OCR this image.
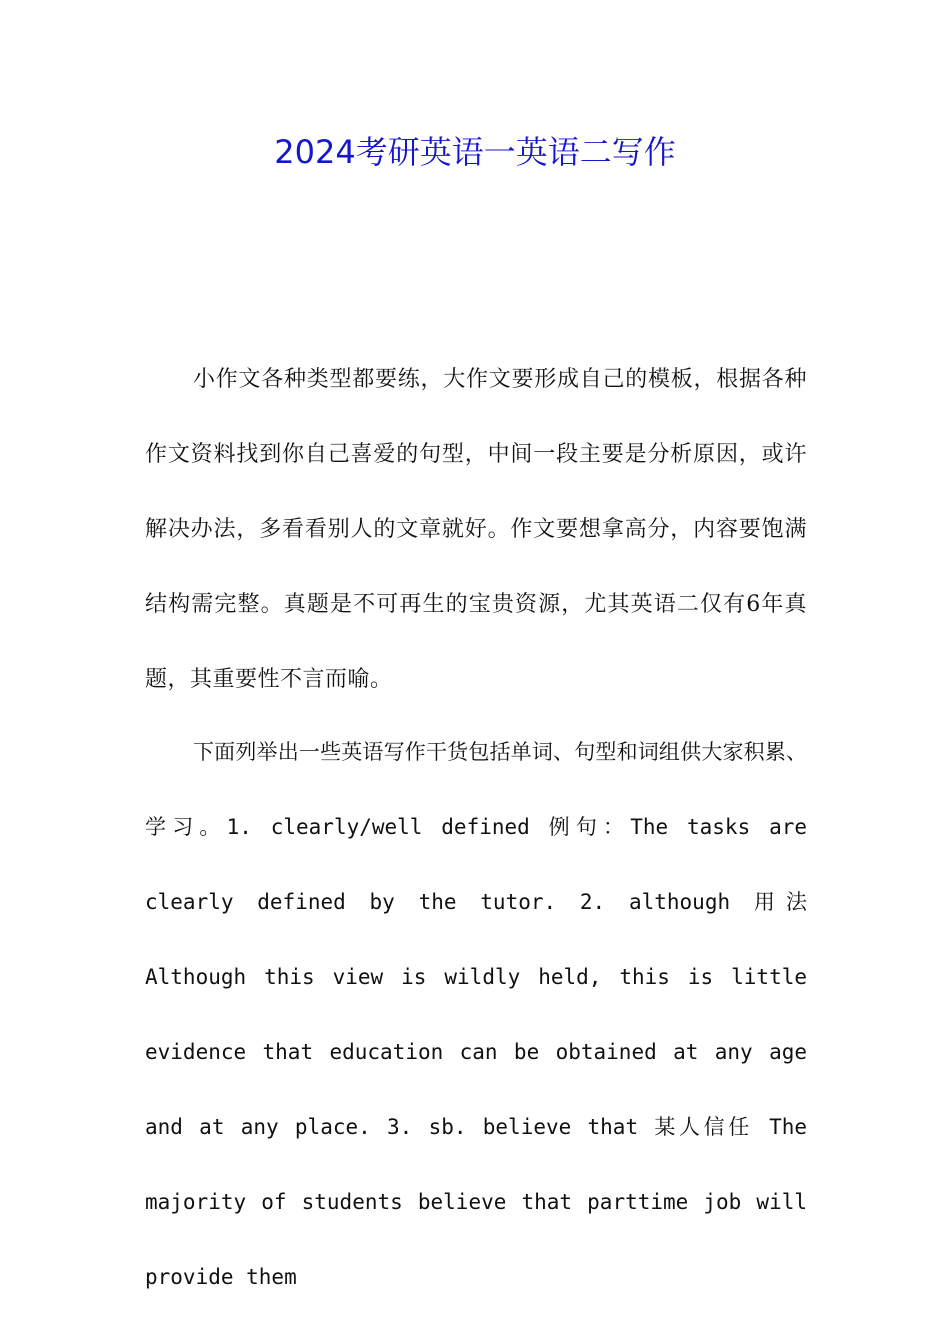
2024考研英语一英语二写作

小作文各种类型都要练，大作文要形成自己的模板，根据各种作文资料找到你自己喜爱的句型，中间一段主要是分析原因，或许解决办法，多看看别人的文章就好。作文要想拿高分，内容要饱满结构需完整。真题是不可再生的宝贵资源，尤其英语二仅有6年真题，其重要性不言而喻。

下面列举出一些英语写作干货包括单词、句型和词组供大家积累、学习。1. clearly/well defined 例句：The tasks are clearly defined by the tutor. 2. although 用法 Although this view is wildly held, this is little evidence that education can be obtained at any age and at any place. 3. sb. believe that 某人信任 The majority of students believe that parttime job will provide them
